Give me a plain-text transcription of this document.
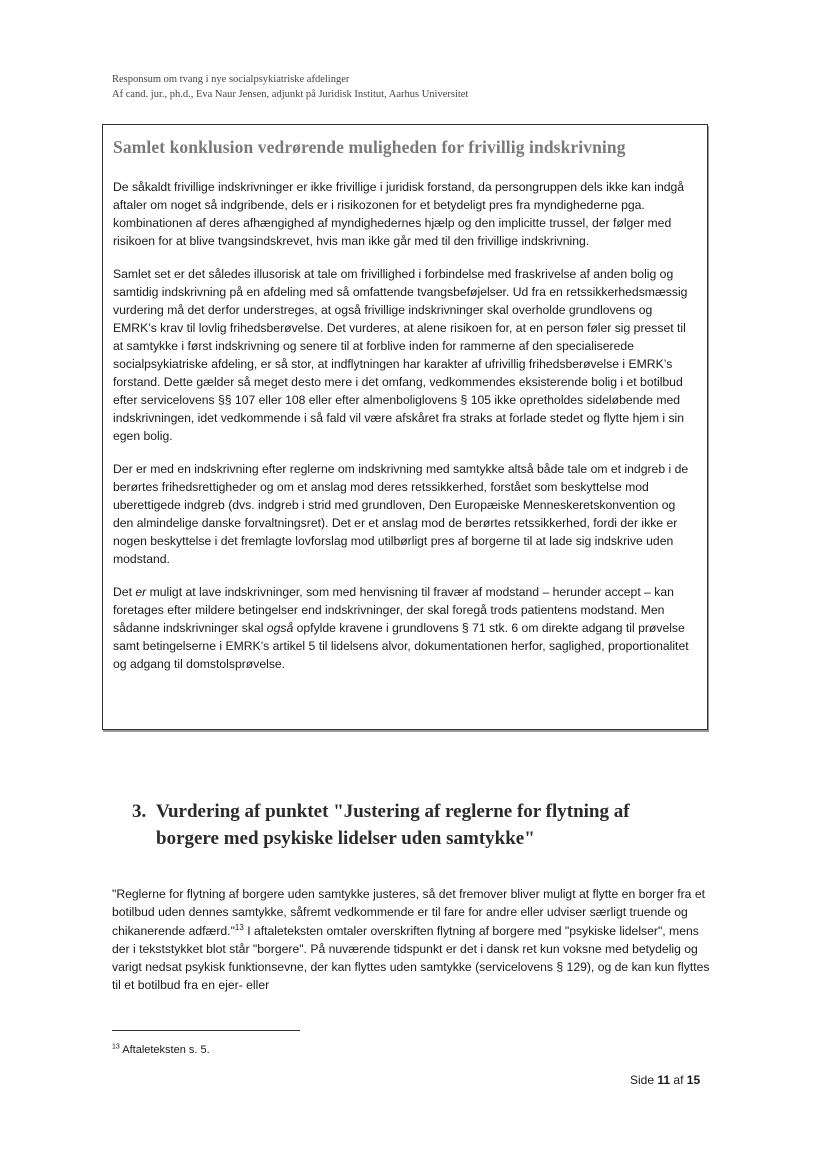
Responsum om tvang i nye socialpsykiatriske afdelinger
Af cand. jur., ph.d., Eva Naur Jensen, adjunkt på Juridisk Institut, Aarhus Universitet
Samlet konklusion vedrørende muligheden for frivillig indskrivning

De såkaldt frivillige indskrivninger er ikke frivillige i juridisk forstand, da persongruppen dels ikke kan indgå aftaler om noget så indgribende, dels er i risikozonen for et betydeligt pres fra myndighederne pga. kombinationen af deres afhængighed af myndighedernes hjælp og den implicitte trussel, der følger med risikoen for at blive tvangsindskrevet, hvis man ikke går med til den frivillige indskrivning.

Samlet set er det således illusorisk at tale om frivillighed i forbindelse med fraskrivelse af anden bolig og samtidig indskrivning på en afdeling med så omfattende tvangsbeføjelser. Ud fra en retssikkerhedsmæssig vurdering må det derfor understreges, at også frivillige indskrivninger skal overholde grundlovens og EMRK’s krav til lovlig frihedsberøvelse. Det vurderes, at alene risikoen for, at en person føler sig presset til at samtykke i først indskrivning og senere til at forblive inden for rammerne af den specialiserede socialpsykiatriske afdeling, er så stor, at indflytningen har karakter af ufrivillig frihedsberøvelse i EMRK’s forstand. Dette gælder så meget desto mere i det omfang, vedkommendes eksisterende bolig i et botilbud efter servicelovens §§ 107 eller 108 eller efter almenboliglovens § 105 ikke opretholdes sideløbende med indskrivningen, idet vedkommende i så fald vil være afskåret fra straks at forlade stedet og flytte hjem i sin egen bolig.

Der er med en indskrivning efter reglerne om indskrivning med samtykke altså både tale om et indgreb i de berørtes frihedsrettigheder og om et anslag mod deres retssikkerhed, forstået som beskyttelse mod uberettigede indgreb (dvs. indgreb i strid med grundloven, Den Europæiske Menneskeretskonvention og den almindelige danske forvaltningsret). Det er et anslag mod de berørtes retssikkerhed, fordi der ikke er nogen beskyttelse i det fremlagte lovforslag mod utilbørligt pres af borgerne til at lade sig indskrive uden modstand.

Det er muligt at lave indskrivninger, som med henvisning til fravær af modstand – herunder accept – kan foretages efter mildere betingelser end indskrivninger, der skal foregå trods patientens modstand. Men sådanne indskrivninger skal også opfylde kravene i grundlovens § 71 stk. 6 om direkte adgang til prøvelse samt betingelserne i EMRK’s artikel 5 til lidelsens alvor, dokumentationen herfor, saglighed, proportionalitet og adgang til domstolsprøvelse.

3. Vurdering af punktet "Justering af reglerne for flytning af
borgere med psykiske lidelser uden samtykke"

"Reglerne for flytning af borgere uden samtykke justeres, så det fremover bliver muligt at flytte en borger fra et botilbud uden dennes samtykke, såfremt vedkommende er til fare for andre eller udviser særligt truende og chikanerende adfærd."$^{13}$ I aftaleteksten omtaler overskriften flytning af borgere med "psykiske lidelser", mens der i tekststykket blot står "borgere". På nuværende tidspunkt er det i dansk ret kun voksne med betydelig og varigt nedsat psykisk funktionsevne, der kan flyttes uden samtykke (servicelovens § 129), og de kan kun flyttes til et botilbud fra en ejer- eller

$^{13}$ Aftaleteksten s. 5.

Side 11 af 15
